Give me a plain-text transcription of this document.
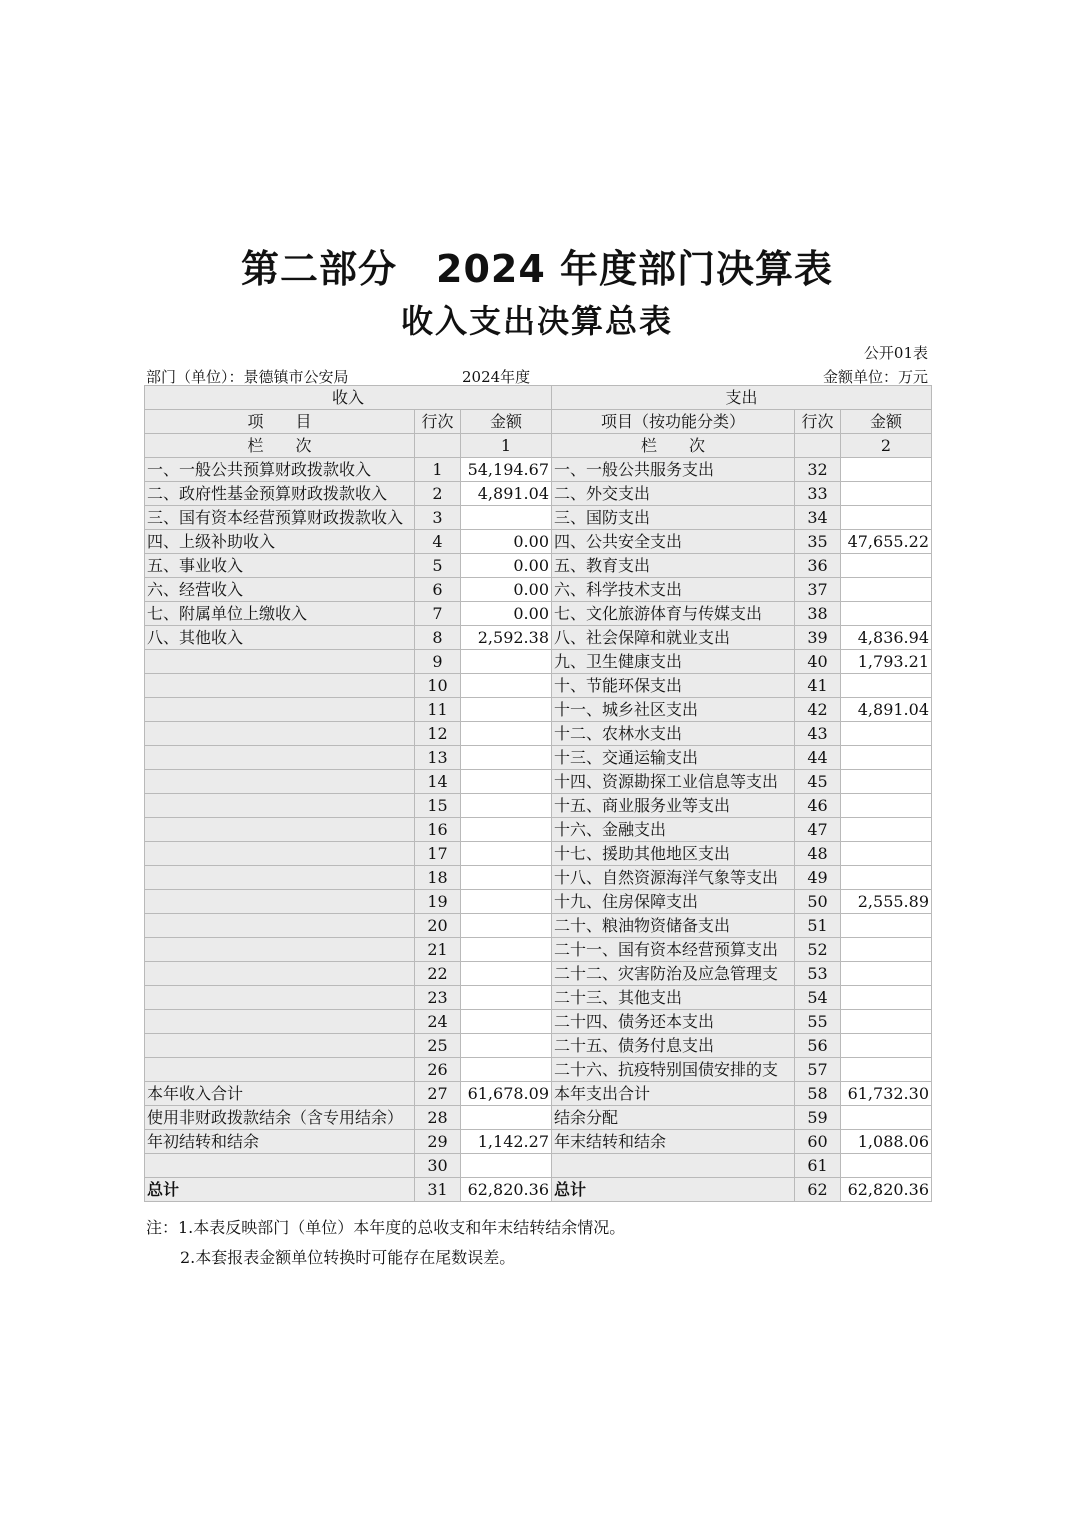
第二部分　2024 年度部门决算表
收入支出决算总表
公开01表
部门（单位）：景德镇市公安局	2024年度	金额单位：万元
收入			支出		
项　　目	行次	金额	项目（按功能分类）	行次	金额
栏　　次		1	栏　　次		2
一、一般公共预算财政拨款收入	1	54,194.67	一、一般公共服务支出	32	
二、政府性基金预算财政拨款收入	2	4,891.04	二、外交支出	33	
三、国有资本经营预算财政拨款收入	3		三、国防支出	34	
四、上级补助收入	4	0.00	四、公共安全支出	35	47,655.22
五、事业收入	5	0.00	五、教育支出	36	
六、经营收入	6	0.00	六、科学技术支出	37	
七、附属单位上缴收入	7	0.00	七、文化旅游体育与传媒支出	38	
八、其他收入	8	2,592.38	八、社会保障和就业支出	39	4,836.94
	9		九、卫生健康支出	40	1,793.21
	10		十、节能环保支出	41	
	11		十一、城乡社区支出	42	4,891.04
	12		十二、农林水支出	43	
	13		十三、交通运输支出	44	
	14		十四、资源勘探工业信息等支出	45	
	15		十五、商业服务业等支出	46	
	16		十六、金融支出	47	
	17		十七、援助其他地区支出	48	
	18		十八、自然资源海洋气象等支出	49	
	19		十九、住房保障支出	50	2,555.89
	20		二十、粮油物资储备支出	51	
	21		二十一、国有资本经营预算支出	52	
	22		二十二、灾害防治及应急管理支	53	
	23		二十三、其他支出	54	
	24		二十四、债务还本支出	55	
	25		二十五、债务付息支出	56	
	26		二十六、抗疫特别国债安排的支	57	
本年收入合计	27	61,678.09	本年支出合计	58	61,732.30
使用非财政拨款结余（含专用结余）	28		结余分配	59	
年初结转和结余	29	1,142.27	年末结转和结余	60	1,088.06
	30			61	
总计	31	62,820.36	总计	62	62,820.36
注：1.本表反映部门（单位）本年度的总收支和年末结转结余情况。
2.本套报表金额单位转换时可能存在尾数误差。
